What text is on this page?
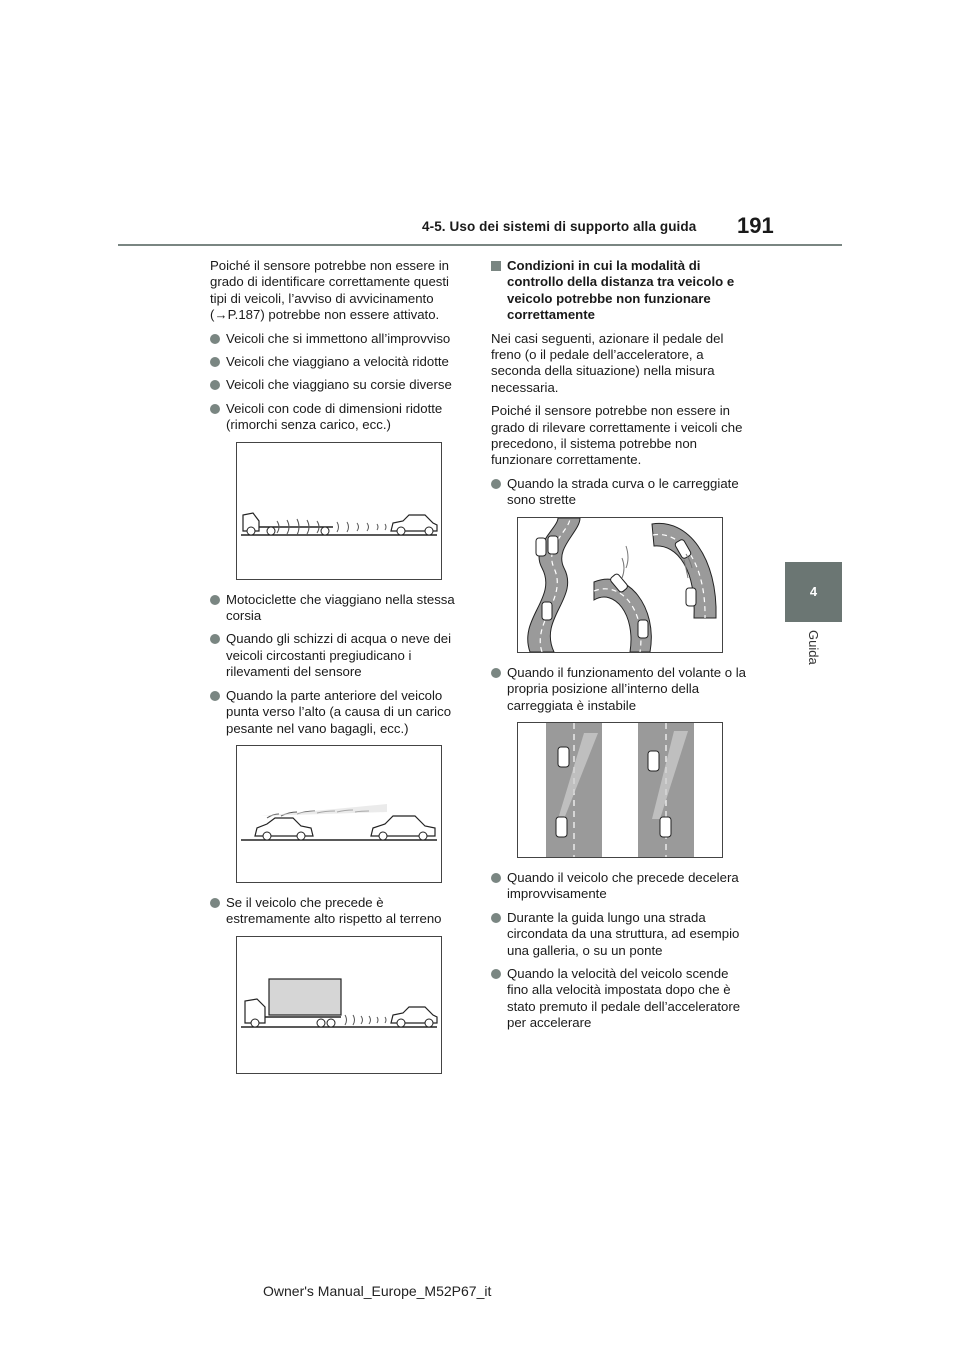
4-5. Uso dei sistemi di supporto alla guida 191
4
Guida

Poiché il sensore potrebbe non essere in grado di identificare correttamente questi tipi di veicoli, l’avviso di avvicinamento (→P.187) potrebbe non essere attivato.

Veicoli che si immettono all’improvviso

Veicoli che viaggiano a velocità ridotte

Veicoli che viaggiano su corsie diverse

Veicoli con code di dimensioni ridotte (rimorchi senza carico, ecc.)

Motociclette che viaggiano nella stessa corsia

Quando gli schizzi di acqua o neve dei veicoli circostanti pregiudicano i rilevamenti del sensore

Quando la parte anteriore del veicolo punta verso l’alto (a causa di un carico pesante nel vano bagagli, ecc.)

Se il veicolo che precede è estremamente alto rispetto al terreno

Condizioni in cui la modalità di controllo della distanza tra veicolo e veicolo potrebbe non funzionare correttamente

Nei casi seguenti, azionare il pedale del freno (o il pedale dell’acceleratore, a seconda della situazione) nella misura necessaria.

Poiché il sensore potrebbe non essere in grado di rilevare correttamente i veicoli che precedono, il sistema potrebbe non funzionare correttamente.

Quando la strada curva o le carreggiate sono strette

Quando il funzionamento del volante o la propria posizione all’interno della carreggiata è instabile

Quando il veicolo che precede decelera improvvisamente

Durante la guida lungo una strada circondata da una struttura, ad esempio una galleria, o su un ponte

Quando la velocità del veicolo scende fino alla velocità impostata dopo che è stato premuto il pedale dell’acceleratore per accelerare

Owner's Manual_Europe_M52P67_it
